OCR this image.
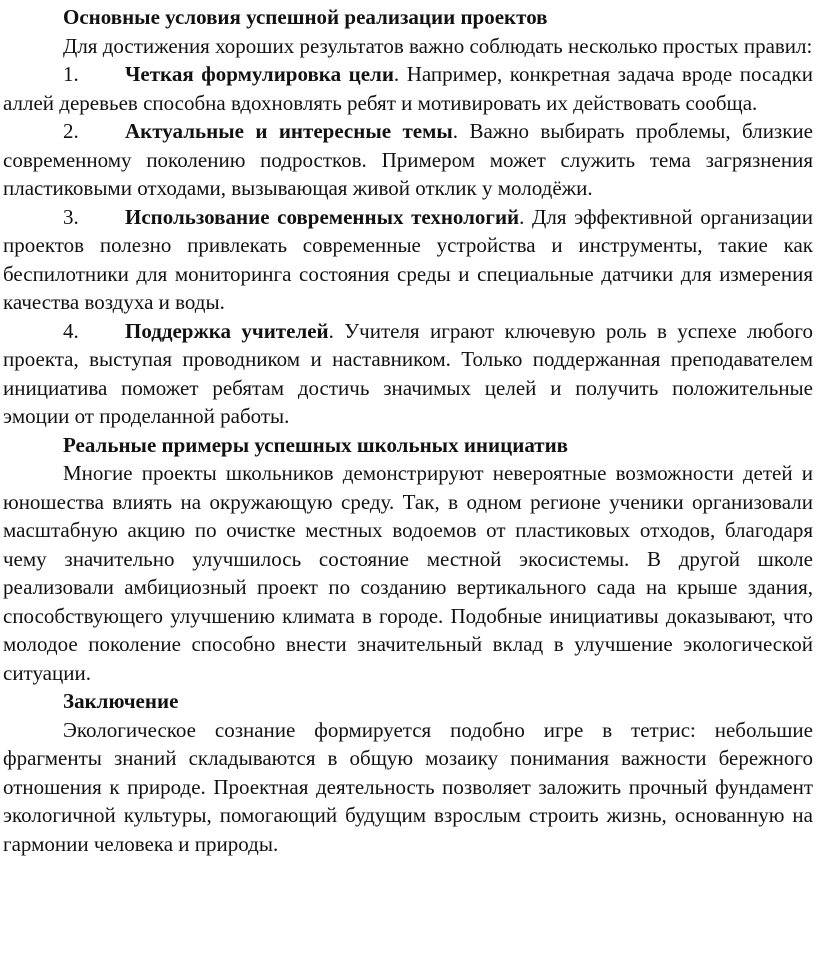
Основные условия успешной реализации проектов

Для достижения хороших результатов важно соблюдать несколько простых правил:

1. Четкая формулировка цели. Например, конкретная задача вроде посадки аллей деревьев способна вдохновлять ребят и мотивировать их действовать сообща.
2. Актуальные и интересные темы. Важно выбирать проблемы, близкие современному поколению подростков. Примером может служить тема загрязнения пластиковыми отходами, вызывающая живой отклик у молодёжи.
3. Использование современных технологий. Для эффективной организации проектов полезно привлекать современные устройства и инструменты, такие как беспилотники для мониторинга состояния среды и специальные датчики для измерения качества воздуха и воды.
4. Поддержка учителей. Учителя играют ключевую роль в успехе любого проекта, выступая проводником и наставником. Только поддержанная преподавателем инициатива поможет ребятам достичь значимых целей и получить положительные эмоции от проделанной работы.
Реальные примеры успешных школьных инициатив

Многие проекты школьников демонстрируют невероятные возможности детей и юношества влиять на окружающую среду. Так, в одном регионе ученики организовали масштабную акцию по очистке местных водоемов от пластиковых отходов, благодаря чему значительно улучшилось состояние местной экосистемы. В другой школе реализовали амбициозный проект по созданию вертикального сада на крыше здания, способствующего улучшению климата в городе. Подобные инициативы доказывают, что молодое поколение способно внести значительный вклад в улучшение экологической ситуации.

Заключение

Экологическое сознание формируется подобно игре в тетрис: небольшие фрагменты знаний складываются в общую мозаику понимания важности бережного отношения к природе. Проектная деятельность позволяет заложить прочный фундамент экологичной культуры, помогающий будущим взрослым строить жизнь, основанную на гармонии человека и природы.
